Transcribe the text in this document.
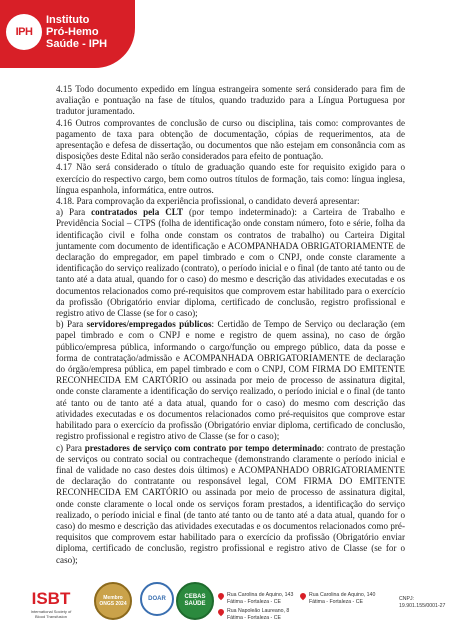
IPH
Instituto
Pró-Hemo
Saúde - IPH

4.15 Todo documento expedido em língua estrangeira somente será considerado para fim de avaliação e pontuação na fase de títulos, quando traduzido para a Língua Portuguesa por tradutor juramentado.

4.16 Outros comprovantes de conclusão de curso ou disciplina, tais como: comprovantes de pagamento de taxa para obtenção de documentação, cópias de requerimentos, ata de apresentação e defesa de dissertação, ou documentos que não estejam em consonância com as disposições deste Edital não serão considerados para efeito de pontuação.

4.17 Não será considerado o título de graduação quando este for requisito exigido para o exercício do respectivo cargo, bem como outros títulos de formação, tais como: língua inglesa, língua espanhola, informática, entre outros.

4.18. Para comprovação da experiência profissional, o candidato deverá apresentar:

a) Para contratados pela CLT (por tempo indeterminado): a Carteira de Trabalho e Previdência Social – CTPS (folha de identificação onde constam número, foto e série, folha da identificação civil e folha onde constam os contratos de trabalho) ou Carteira Digital juntamente com documento de identificação e ACOMPANHADA OBRIGATORIAMENTE de declaração do empregador, em papel timbrado e com o CNPJ, onde conste claramente a identificação do serviço realizado (contrato), o período inicial e o final (de tanto até tanto ou de tanto até a data atual, quando for o caso) do mesmo e descrição das atividades executadas e os documentos relacionados como pré-requisitos que comprovem estar habilitado para o exercício da profissão (Obrigatório enviar diploma, certificado de conclusão, registro profissional e registro ativo de Classe (se for o caso);

b) Para servidores/empregados públicos: Certidão de Tempo de Serviço ou declaração (em papel timbrado e com o CNPJ e nome e registro de quem assina), no caso de órgão público/empresa pública, informando o cargo/função ou emprego público, data da posse e forma de contratação/admissão e ACOMPANHADA OBRIGATORIAMENTE de declaração do órgão/empresa pública, em papel timbrado e com o CNPJ, COM FIRMA DO EMITENTE RECONHECIDA EM CARTÓRIO ou assinada por meio de processo de assinatura digital, onde conste claramente a identificação do serviço realizado, o período inicial e o final (de tanto até tanto ou de tanto até a data atual, quando for o caso) do mesmo com descrição das atividades executadas e os documentos relacionados como pré-requisitos que comprove estar habilitado para o exercício da profissão (Obrigatório enviar diploma, certificado de conclusão, registro profissional e registro ativo de Classe (se for o caso);

c) Para prestadores de serviço com contrato por tempo determinado: contrato de prestação de serviços ou contrato social ou contracheque (demonstrando claramente o período inicial e final de validade no caso destes dois últimos) e ACOMPANHADO OBRIGATORIAMENTE de declaração do contratante ou responsável legal, COM FIRMA DO EMITENTE RECONHECIDA EM CARTÓRIO ou assinada por meio de processo de assinatura digital, onde conste claramente o local onde os serviços foram prestados, a identificação do serviço realizado, o período inicial e final (de tanto até tanto ou de tanto até a data atual, quando for o caso) do mesmo e descrição das atividades executadas e os documentos relacionados como pré-requisitos que comprovem estar habilitado para o exercício da profissão (Obrigatório enviar diploma, certificado de conclusão, registro profissional e registro ativo de Classe (se for o caso);

ISBT
International Society of Blood Transfusion
Membro ONGS 2024
DOAR	CEBAS SAÚDE
Rua Carolina de Aquino, 143
Fátima - Fortaleza - CE
Rua Napoleão Laureano, 8
Fátima - Fortaleza - CE
Rua Carolina de Aquino, 140
Fátima - Fortaleza - CE	CNPJ:
19.901.155/0001-27
